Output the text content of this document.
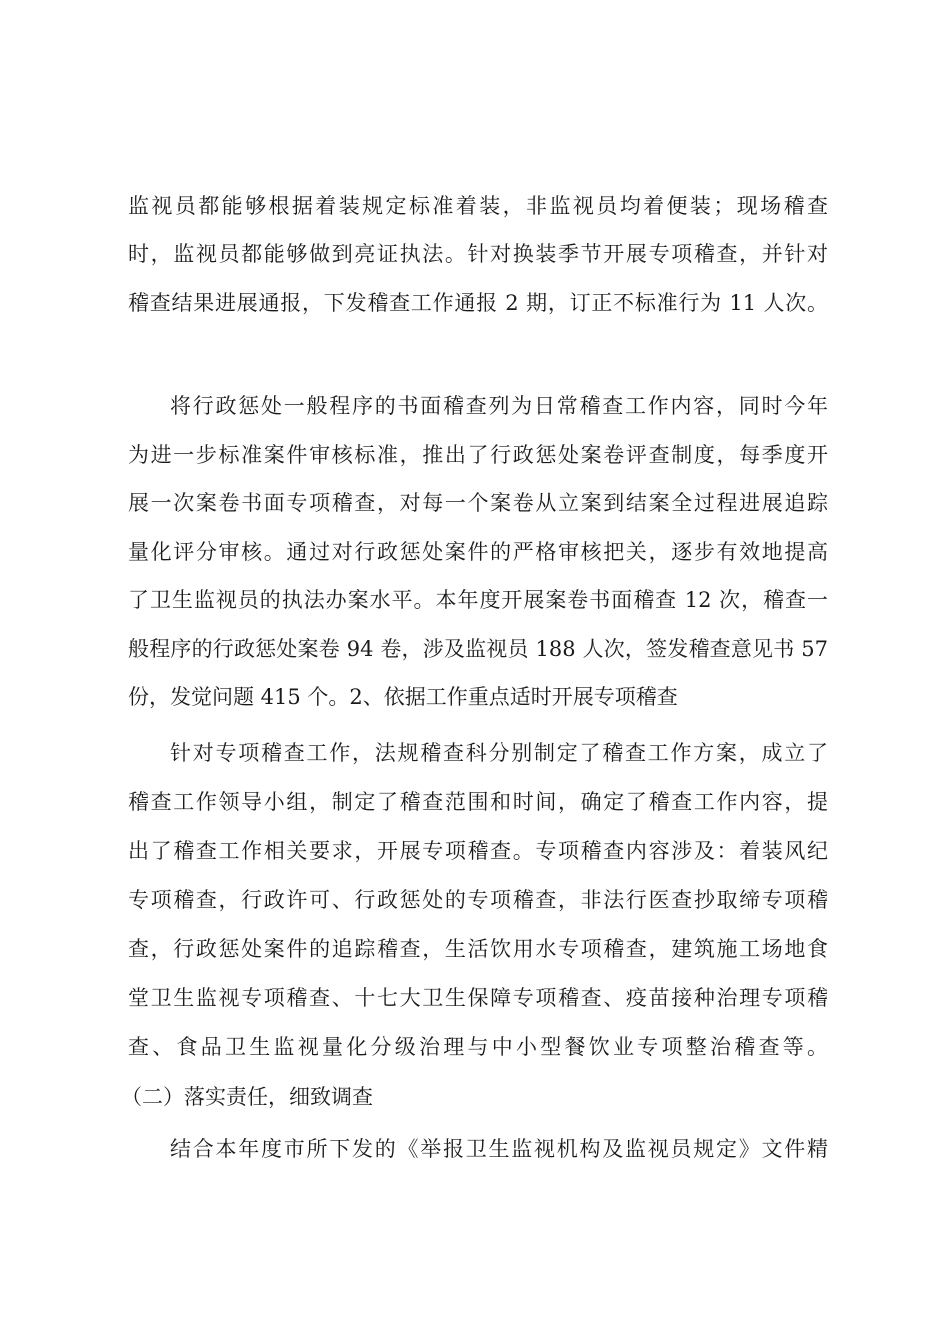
监视员都能够根据着装规定标准着装，非监视员均着便装；现场稽查
时，监视员都能够做到亮证执法。针对换装季节开展专项稽查，并针对
稽查结果进展通报，下发稽查工作通报 2 期，订正不标准行为 11 人次。
将行政惩处一般程序的书面稽查列为日常稽查工作内容，同时今年
为进一步标准案件审核标准，推出了行政惩处案卷评查制度，每季度开
展一次案卷书面专项稽查，对每一个案卷从立案到结案全过程进展追踪
量化评分审核。通过对行政惩处案件的严格审核把关，逐步有效地提高
了卫生监视员的执法办案水平。本年度开展案卷书面稽查 12 次，稽查一
般程序的行政惩处案卷 94 卷，涉及监视员 188 人次，签发稽查意见书 57
份，发觉问题 415 个。2、依据工作重点适时开展专项稽查
针对专项稽查工作，法规稽查科分别制定了稽查工作方案，成立了
稽查工作领导小组，制定了稽查范围和时间，确定了稽查工作内容，提
出了稽查工作相关要求，开展专项稽查。专项稽查内容涉及：着装风纪
专项稽查，行政许可、行政惩处的专项稽查，非法行医查抄取缔专项稽
查，行政惩处案件的追踪稽查，生活饮用水专项稽查，建筑施工场地食
堂卫生监视专项稽查、十七大卫生保障专项稽查、疫苗接种治理专项稽
查、食品卫生监视量化分级治理与中小型餐饮业专项整治稽查等。
（二）落实责任，细致调查
结合本年度市所下发的《举报卫生监视机构及监视员规定》文件精
